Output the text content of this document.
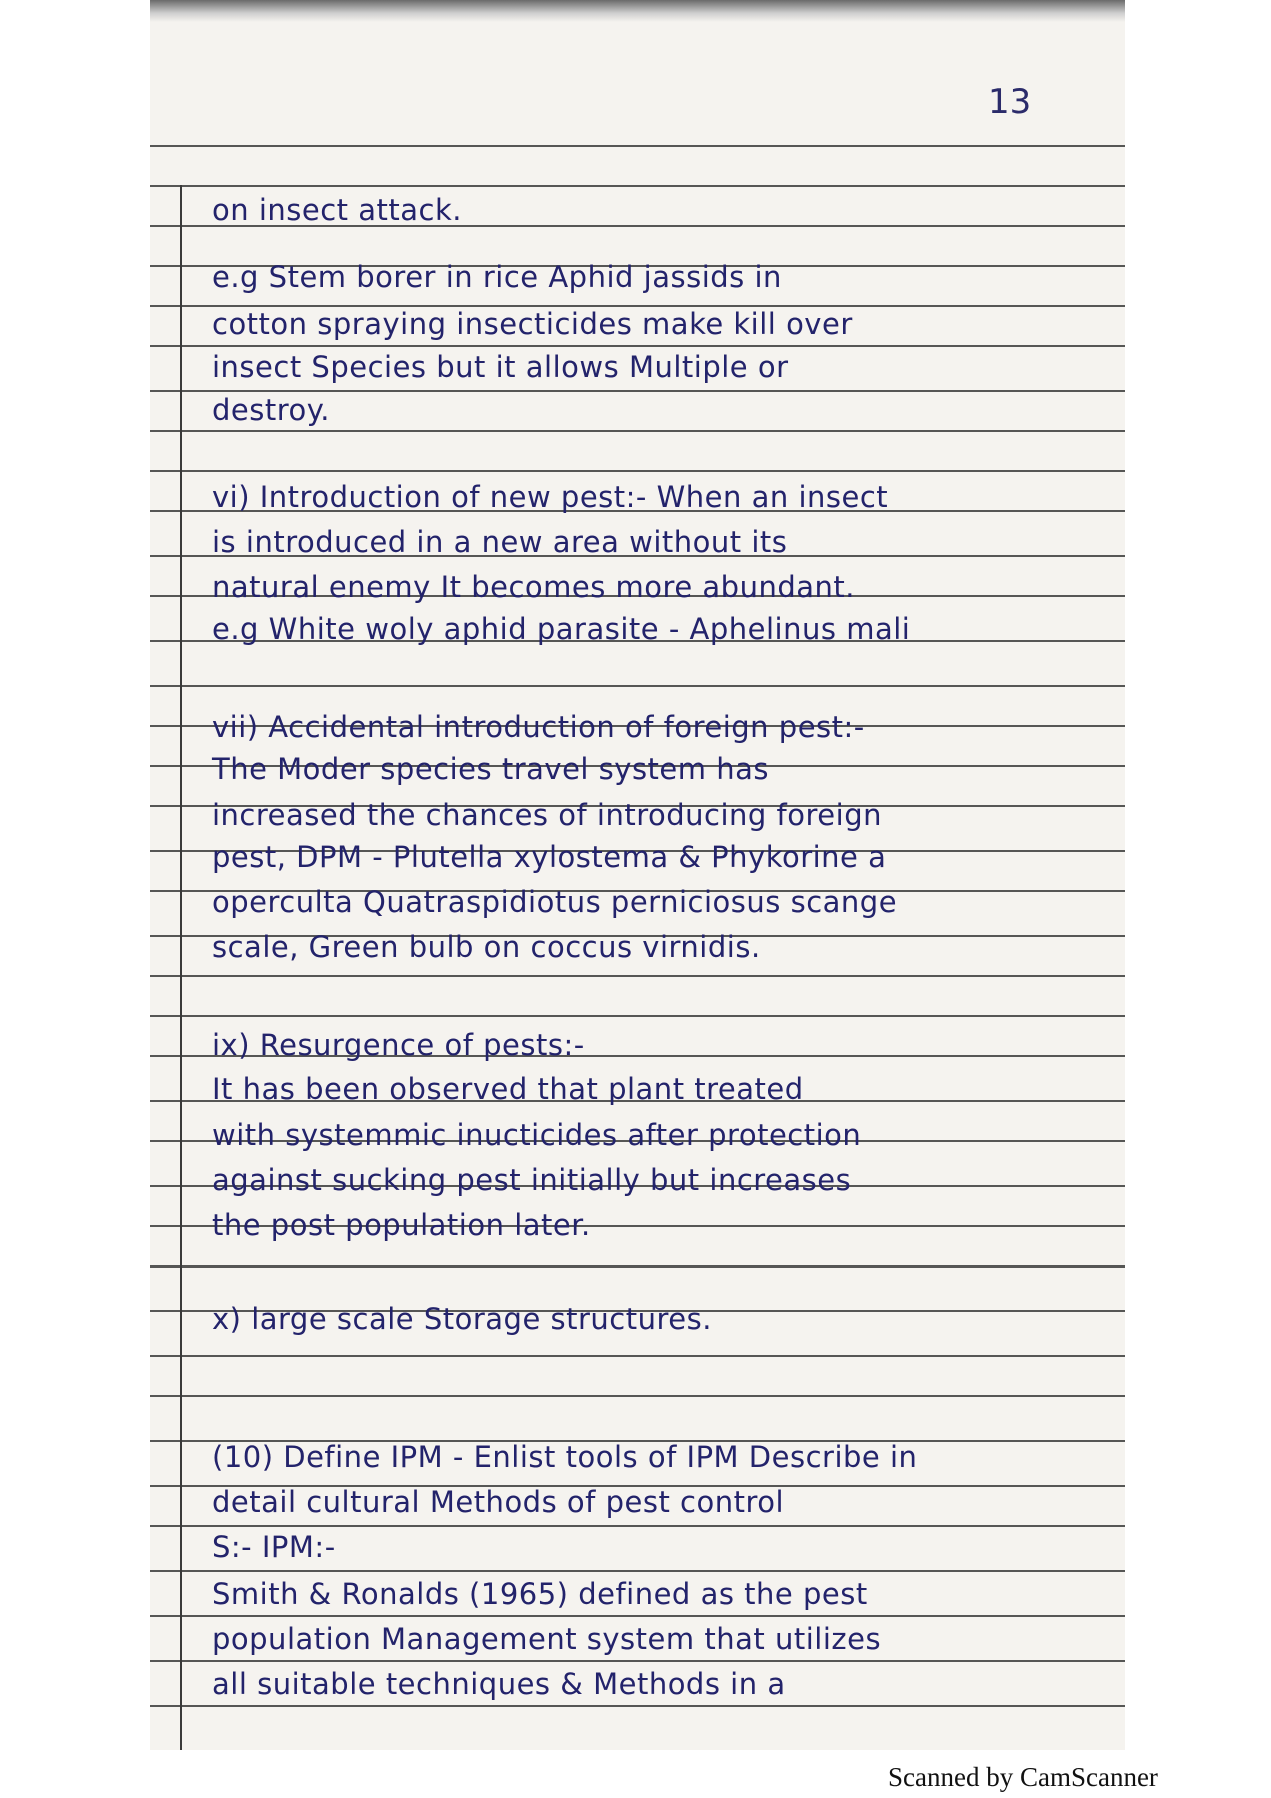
13
on insect attack.
e.g Stem borer in rice Aphid jassids in
cotton spraying insecticides make kill over
insect Species but it allows Multiple or
destroy.
vi) Introduction of new pest:- When an insect
is introduced in a new area without its
natural enemy It becomes more abundant.
e.g White woly aphid parasite - Aphelinus mali
vii) Accidental introduction of foreign pest:-
The Moder species travel system has
increased the chances of introducing foreign
pest, DPM - Plutella xylostema & Phykorine a
operculta Quatraspidiotus perniciosus scange
scale, Green bulb on coccus virnidis.
ix) Resurgence of pests:-
It has been observed that plant treated
with systemmic inucticides after protection
against sucking pest initially but increases
the post population later.
x) large scale Storage structures.
(10) Define IPM - Enlist tools of IPM Describe in
detail cultural Methods of pest control
S:- IPM:-
Smith & Ronalds (1965) defined as the pest
population Management system that utilizes
all suitable techniques & Methods in a
Scanned by CamScanner
